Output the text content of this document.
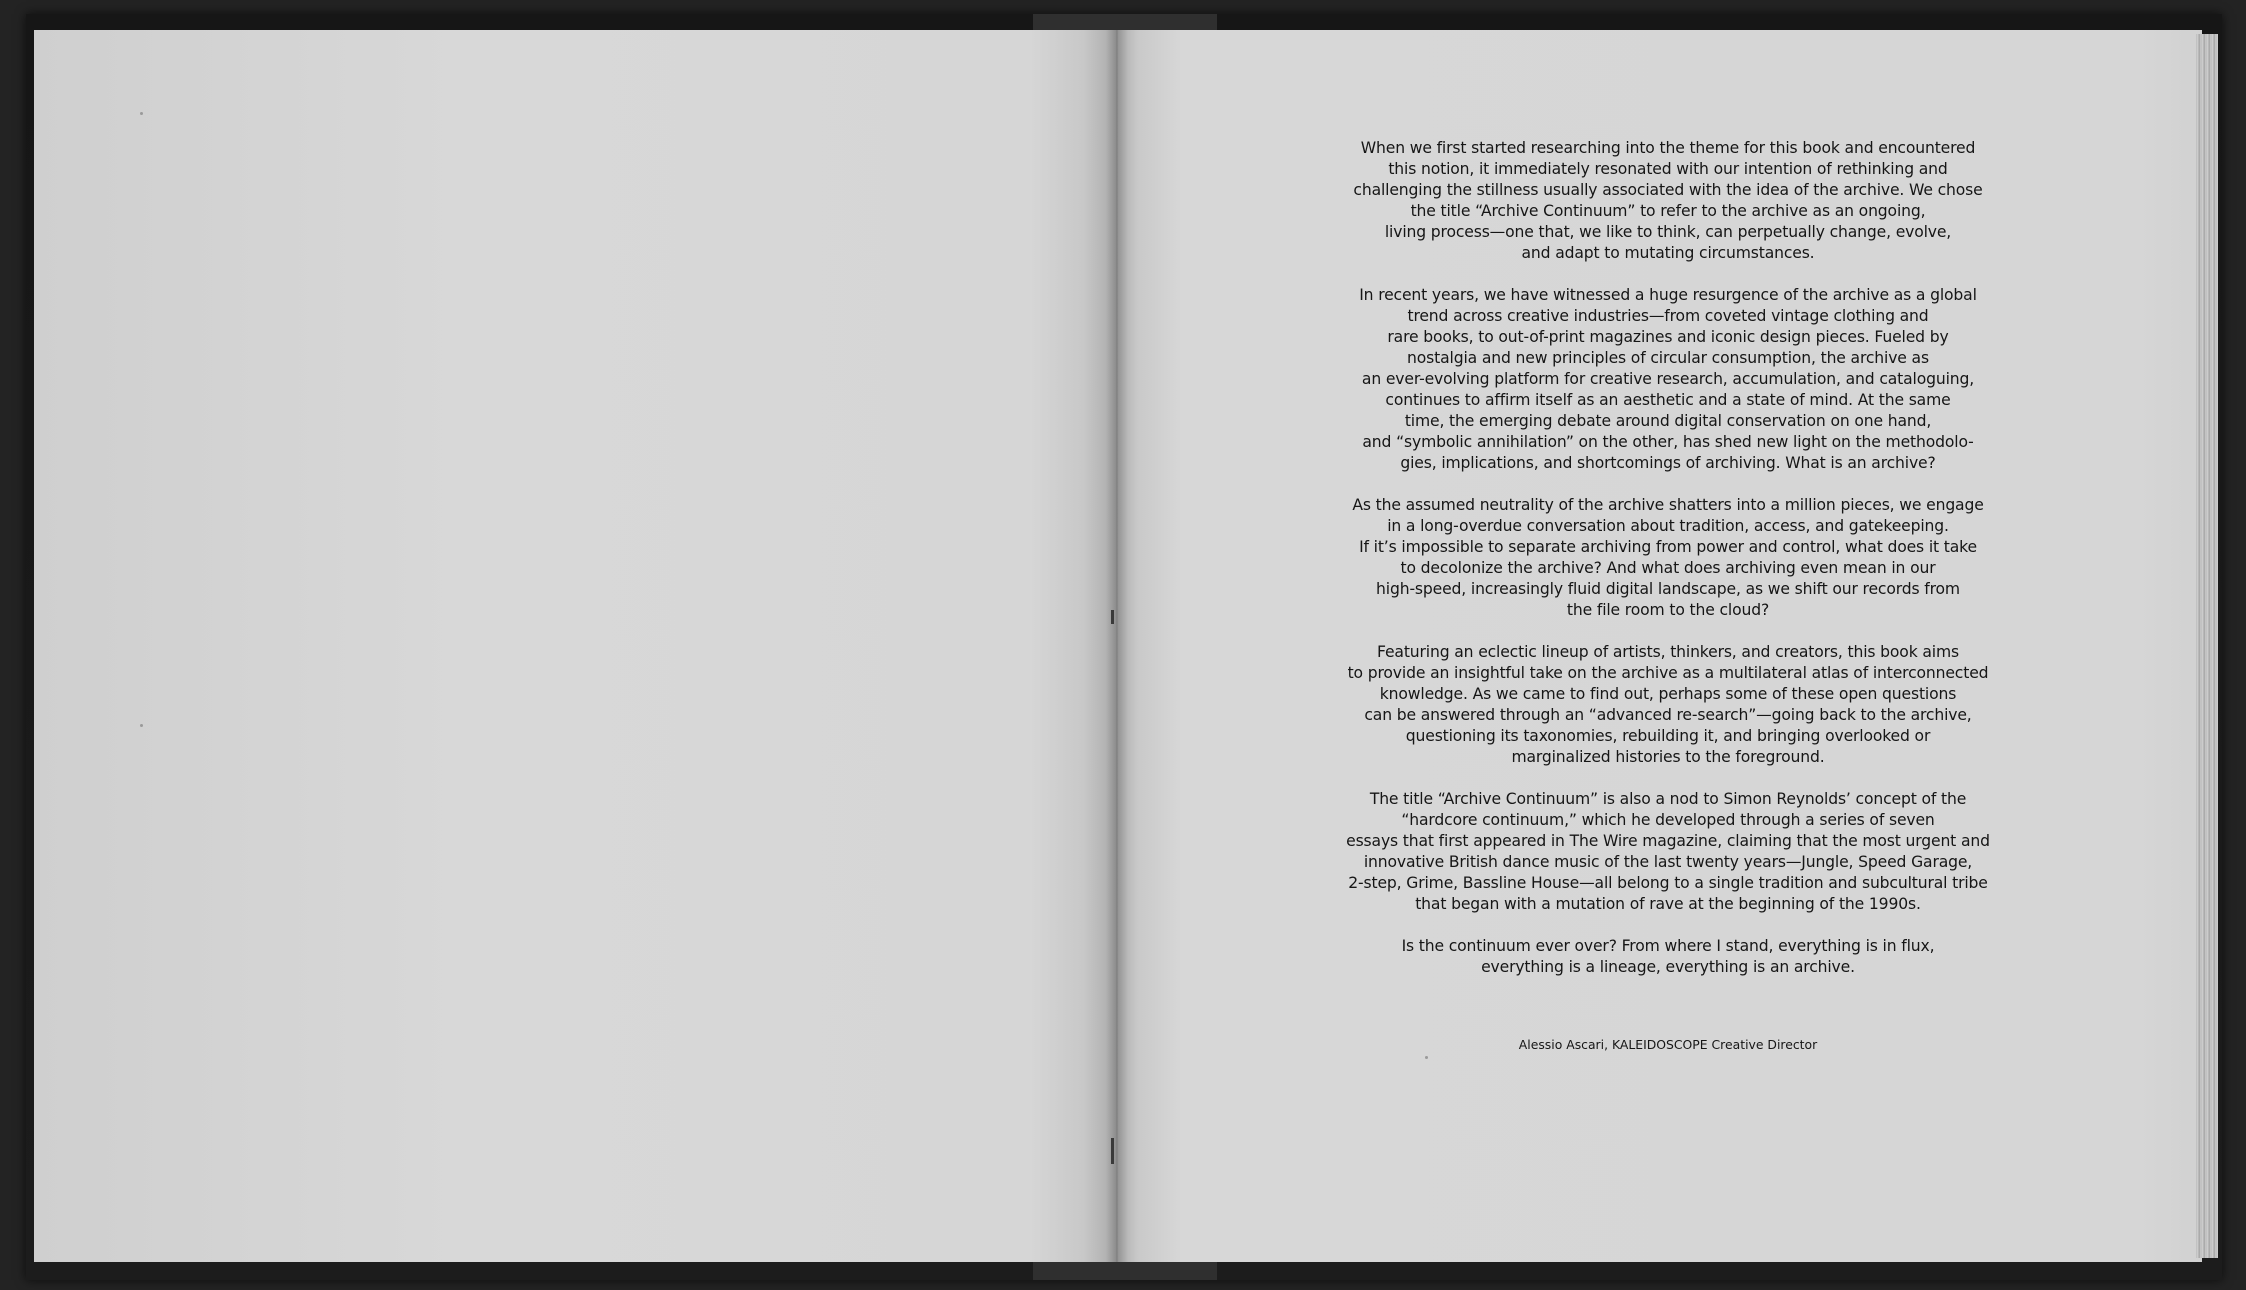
When we first started researching into the theme for this book and encountered
this notion, it immediately resonated with our intention of rethinking and
challenging the stillness usually associated with the idea of the archive. We chose
the title “Archive Continuum” to refer to the archive as an ongoing,
living process—one that, we like to think, can perpetually change, evolve,
and adapt to mutating circumstances.

In recent years, we have witnessed a huge resurgence of the archive as a global
trend across creative industries—from coveted vintage clothing and
rare books, to out-of-print magazines and iconic design pieces. Fueled by
nostalgia and new principles of circular consumption, the archive as
an ever-evolving platform for creative research, accumulation, and cataloguing,
continues to affirm itself as an aesthetic and a state of mind. At the same
time, the emerging debate around digital conservation on one hand,
and “symbolic annihilation” on the other, has shed new light on the methodolo-
gies, implications, and shortcomings of archiving. What is an archive?

As the assumed neutrality of the archive shatters into a million pieces, we engage
in a long-overdue conversation about tradition, access, and gatekeeping.
If it’s impossible to separate archiving from power and control, what does it take
to decolonize the archive? And what does archiving even mean in our
high-speed, increasingly fluid digital landscape, as we shift our records from
the file room to the cloud?

Featuring an eclectic lineup of artists, thinkers, and creators, this book aims
to provide an insightful take on the archive as a multilateral atlas of interconnected
knowledge. As we came to find out, perhaps some of these open questions
can be answered through an “advanced re-search”—going back to the archive,
questioning its taxonomies, rebuilding it, and bringing overlooked or
marginalized histories to the foreground.

The title “Archive Continuum” is also a nod to Simon Reynolds’ concept of the
“hardcore continuum,” which he developed through a series of seven
essays that first appeared in The Wire magazine, claiming that the most urgent and
innovative British dance music of the last twenty years—Jungle, Speed Garage,
2-step, Grime, Bassline House—all belong to a single tradition and subcultural tribe
that began with a mutation of rave at the beginning of the 1990s.

Is the continuum ever over? From where I stand, everything is in flux,
everything is a lineage, everything is an archive.

Alessio Ascari, KALEIDOSCOPE Creative Director
